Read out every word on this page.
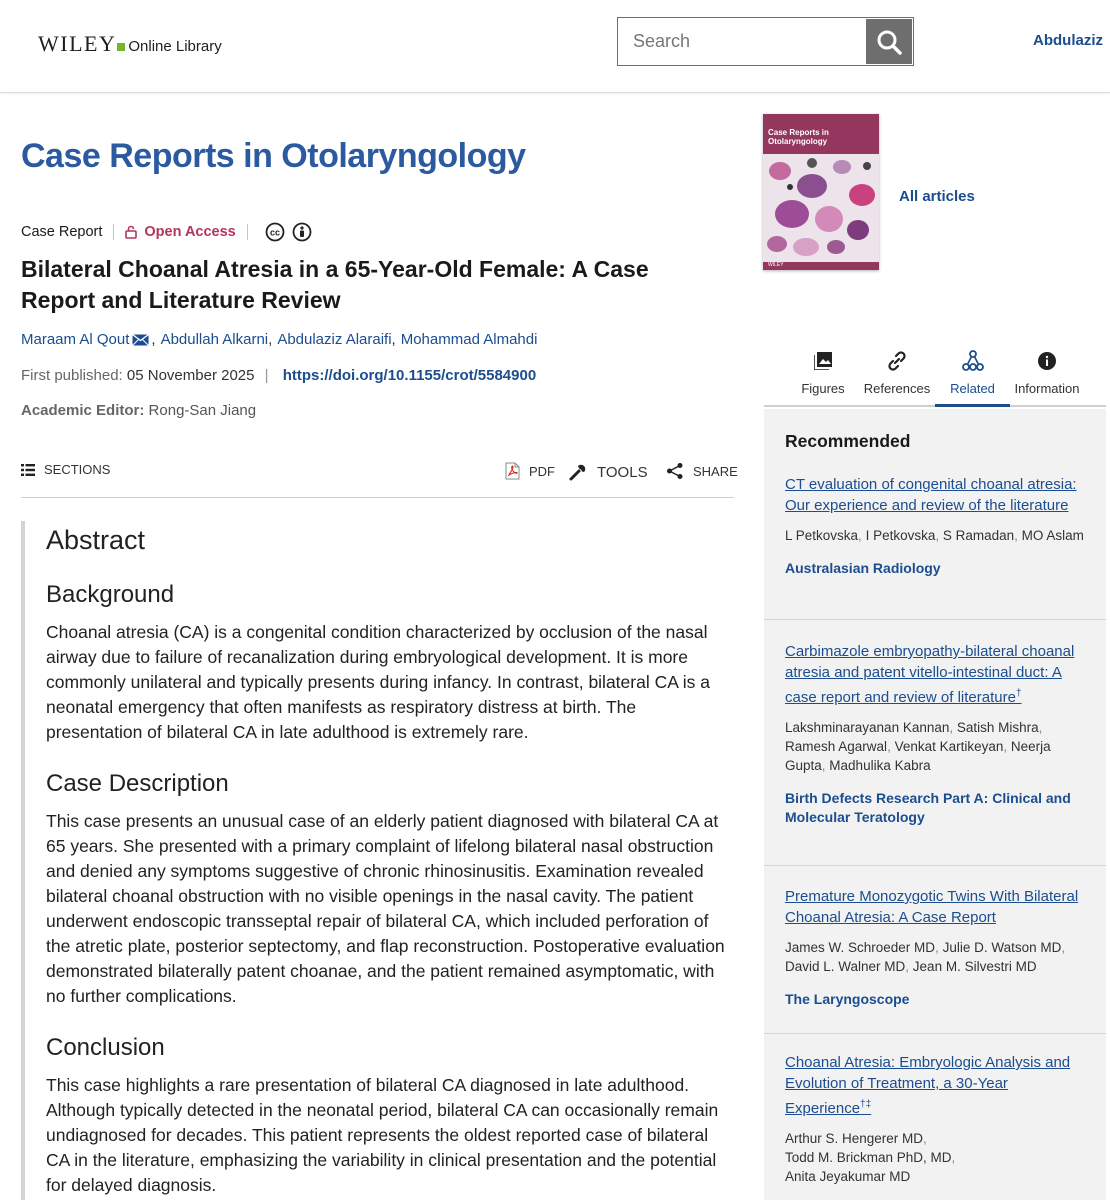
WILEY Online Library
Search	Abdulaziz
Case Reports in Otolaryngology
Case Reports in Otolaryngology
WILEY
All articles
Case Report	Open Access	cc
Bilateral Choanal Atresia in a 65-Year-Old Female: A Case Report and Literature Review
Maraam Al Qout , Abdullah Alkarni , Abdulaziz Alaraifi , Mohammad Almahdi
First published: 05 November 2025 | https://doi.org/10.1155/crot/5584900
Academic Editor: Rong-San Jiang
SECTIONS	PDF	TOOLS	SHARE
Abstract
Background
Choanal atresia (CA) is a congenital condition characterized by occlusion of the nasal airway due to failure of recanalization during embryological development. It is more commonly unilateral and typically presents during infancy. In contrast, bilateral CA is a neonatal emergency that often manifests as respiratory distress at birth. The presentation of bilateral CA in late adulthood is extremely rare.
Case Description
This case presents an unusual case of an elderly patient diagnosed with bilateral CA at 65 years. She presented with a primary complaint of lifelong bilateral nasal obstruction and denied any symptoms suggestive of chronic rhinosinusitis. Examination revealed bilateral choanal obstruction with no visible openings in the nasal cavity. The patient underwent endoscopic transseptal repair of bilateral CA, which included perforation of the atretic plate, posterior septectomy, and flap reconstruction. Postoperative evaluation demonstrated bilaterally patent choanae, and the patient remained asymptomatic, with no further complications.
Conclusion
This case highlights a rare presentation of bilateral CA diagnosed in late adulthood. Although typically detected in the neonatal period, bilateral CA can occasionally remain undiagnosed for decades. This patient represents the oldest reported case of bilateral CA in the literature, emphasizing the variability in clinical presentation and the potential for delayed diagnosis.
Figures References Related Information
Recommended
CT evaluation of congenital choanal atresia: Our experience and review of the literature
L Petkovska, I Petkovska, S Ramadan, MO Aslam
Australasian Radiology
Carbimazole embryopathy-bilateral choanal atresia and patent vitello-intestinal duct: A case report and review of literature†
Lakshminarayanan Kannan, Satish Mishra, Ramesh Agarwal, Venkat Kartikeyan, Neerja Gupta, Madhulika Kabra
Birth Defects Research Part A: Clinical and Molecular Teratology
Premature Monozygotic Twins With Bilateral Choanal Atresia: A Case Report
James W. Schroeder MD, Julie D. Watson MD, David L. Walner MD, Jean M. Silvestri MD
The Laryngoscope
Choanal Atresia: Embryologic Analysis and Evolution of Treatment, a 30-Year Experience†‡
Arthur S. Hengerer MD,
Todd M. Brickman PhD, MD,
Anita Jeyakumar MD
